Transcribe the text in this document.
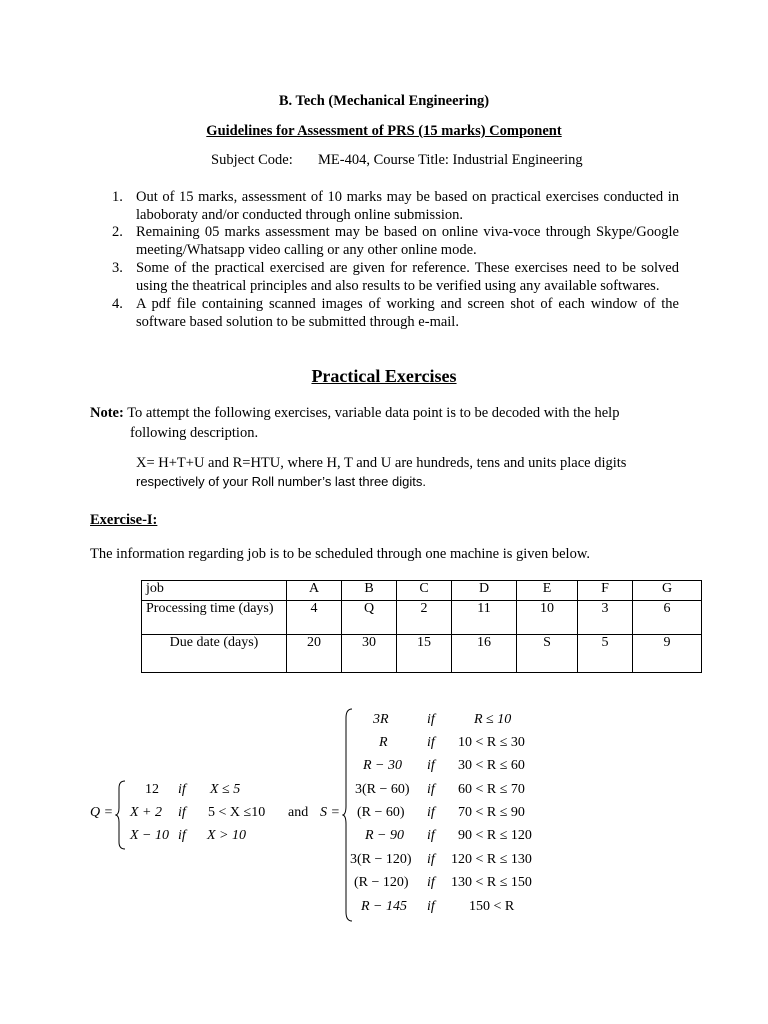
B. Tech (Mechanical Engineering)
Guidelines for Assessment of PRS (15 marks) Component
Subject Code: ME-404, Course Title: Industrial Engineering
1. Out of 15 marks, assessment of 10 marks may be based on practical exercises conducted in laboboraty and/or conducted through online submission.
2. Remaining 05 marks assessment may be based on online viva-voce through Skype/Google meeting/Whatsapp video calling or any other online mode.
3. Some of the practical exercised are given for reference. These exercises need to be solved using the theatrical principles and also results to be verified using any available softwares.
4. A pdf file containing scanned images of working and screen shot of each window of the software based solution to be submitted through e-mail.
Practical Exercises
Note: To attempt the following exercises, variable data point is to be decoded with the help
following description.
X= H+T+U and R=HTU, where H, T and U are hundreds, tens and units place digits
respectively of your Roll number’s last three digits.
Exercise-I:
The information regarding job is to be scheduled through one machine is given below.
job	A	B	C	D	E	F	G
Processing time (days)	4	Q	2	11	10	3	6
Due date (days)	20	30	15	16	S	5	9
Q =
12 if X ≤ 5
X + 2 if 5 < X ≤10
X − 10 if X > 10
and S =
3R	if	R ≤ 10
R	if 10 < R ≤ 30
R − 30 if 30 < R ≤ 60
3(R − 60) if 60 < R ≤ 70
(R − 60) if 70 < R ≤ 90
R − 90 if 90 < R ≤ 120
3(R − 120) if 120 < R ≤ 130
(R − 120) if 130 < R ≤ 150
R − 145 if 150 < R
